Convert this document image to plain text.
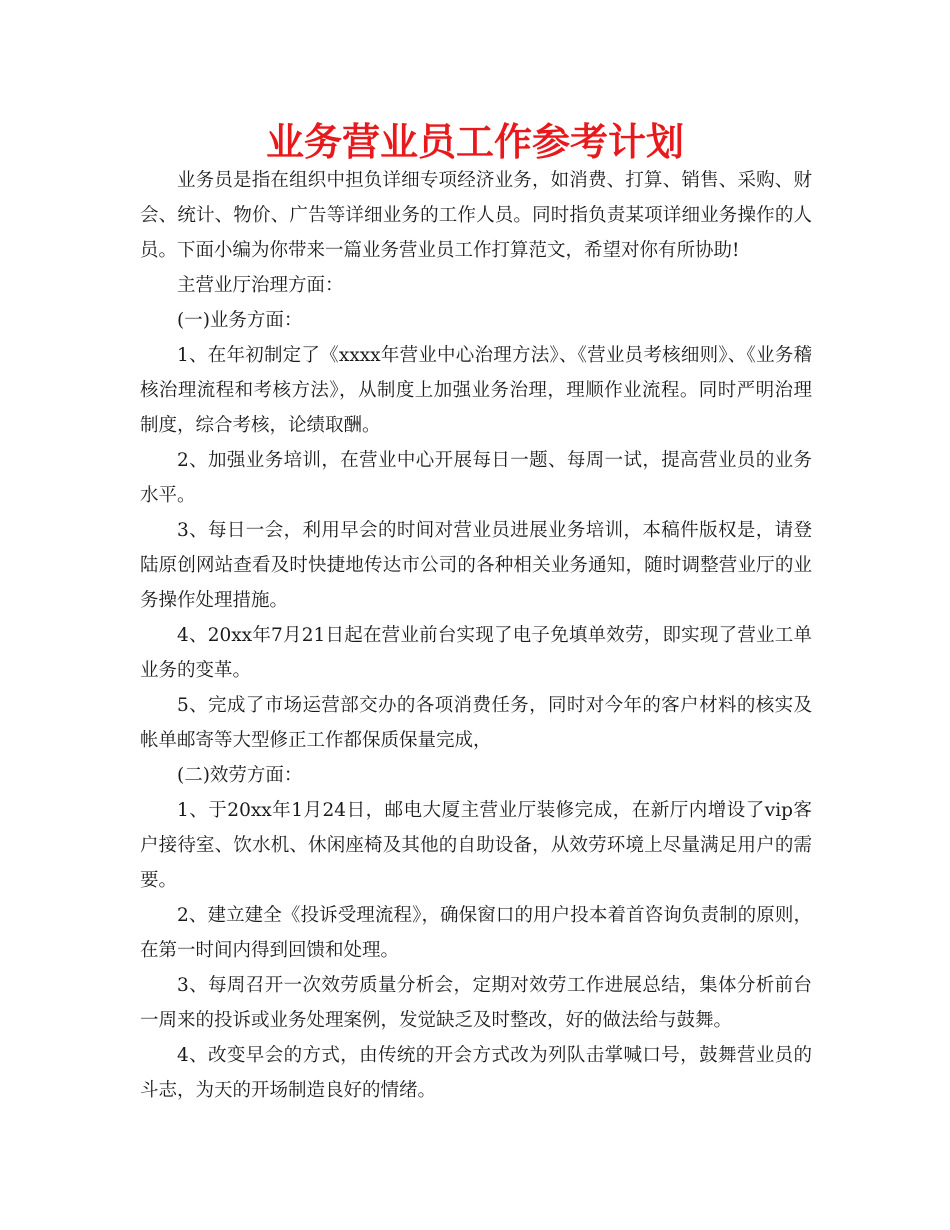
业务营业员工作参考计划

业务员是指在组织中担负详细专项经济业务，如消费、打算、销售、采购、财会、统计、物价、广告等详细业务的工作人员。同时指负责某项详细业务操作的人员。下面小编为你带来一篇业务营业员工作打算范文，希望对你有所协助!

主营业厅治理方面：

(一)业务方面：

1、在年初制定了《xxxx年营业中心治理方法》、《营业员考核细则》、《业务稽核治理流程和考核方法》，从制度上加强业务治理，理顺作业流程。同时严明治理制度，综合考核，论绩取酬。

2、加强业务培训，在营业中心开展每日一题、每周一试，提高营业员的业务水平。

3、每日一会，利用早会的时间对营业员进展业务培训，本稿件版权是，请登陆原创网站查看及时快捷地传达市公司的各种相关业务通知，随时调整营业厅的业务操作处理措施。

4、20xx年7月21日起在营业前台实现了电子免填单效劳，即实现了营业工单业务的变革。

5、完成了市场运营部交办的各项消费任务，同时对今年的客户材料的核实及帐单邮寄等大型修正工作都保质保量完成，

(二)效劳方面：

1、于20xx年1月24日，邮电大厦主营业厅装修完成，在新厅内增设了vip客户接待室、饮水机、休闲座椅及其他的自助设备，从效劳环境上尽量满足用户的需要。

2、建立建全《投诉受理流程》，确保窗口的用户投本着首咨询负责制的原则，在第一时间内得到回馈和处理。

3、每周召开一次效劳质量分析会，定期对效劳工作进展总结，集体分析前台一周来的投诉或业务处理案例，发觉缺乏及时整改，好的做法给与鼓舞。

4、改变早会的方式，由传统的开会方式改为列队击掌喊口号，鼓舞营业员的斗志，为天的开场制造良好的情绪。
